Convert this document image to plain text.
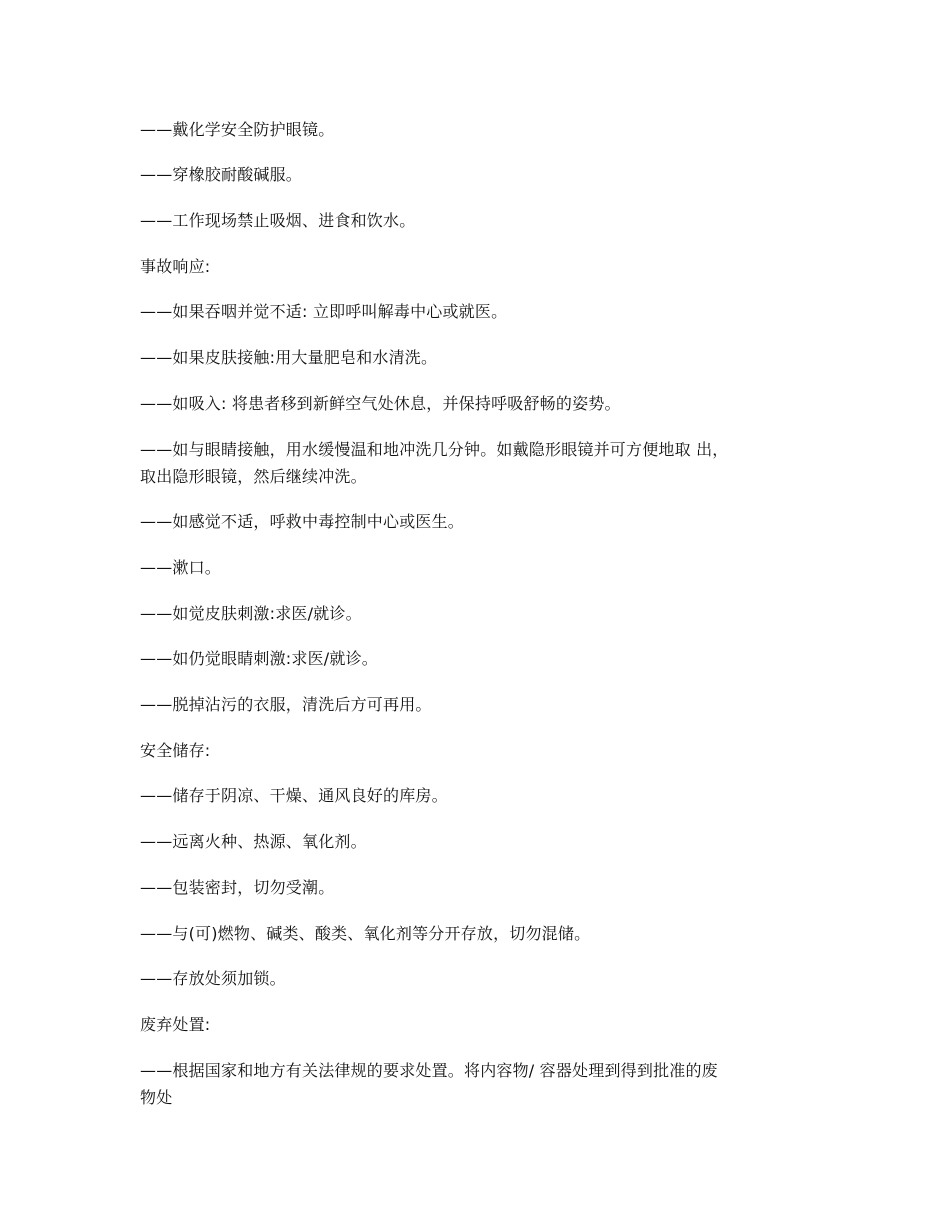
——戴化学安全防护眼镜。
——穿橡胶耐酸碱服。
——工作现场禁止吸烟、进食和饮水。
事故响应:
——如果吞咽并觉不适: 立即呼叫解毒中心或就医。
——如果皮肤接触:用大量肥皂和水清洗。
——如吸入: 将患者移到新鲜空气处休息，并保持呼吸舒畅的姿势。
——如与眼睛接触，用水缓慢温和地冲洗几分钟。如戴隐形眼镜并可方便地取 出，
取出隐形眼镜，然后继续冲洗。
——如感觉不适，呼救中毒控制中心或医生。
——漱口。
——如觉皮肤刺激:求医/就诊。
——如仍觉眼睛刺激:求医/就诊。
——脱掉沾污的衣服，清洗后方可再用。
安全储存:
——储存于阴凉、干燥、通风良好的库房。
——远离火种、热源、氧化剂。
——包装密封，切勿受潮。
——与(可)燃物、碱类、酸类、氧化剂等分开存放，切勿混储。
——存放处须加锁。
废弃处置:
——根据国家和地方有关法律规的要求处置。将内容物/ 容器处理到得到批准的废
物处
